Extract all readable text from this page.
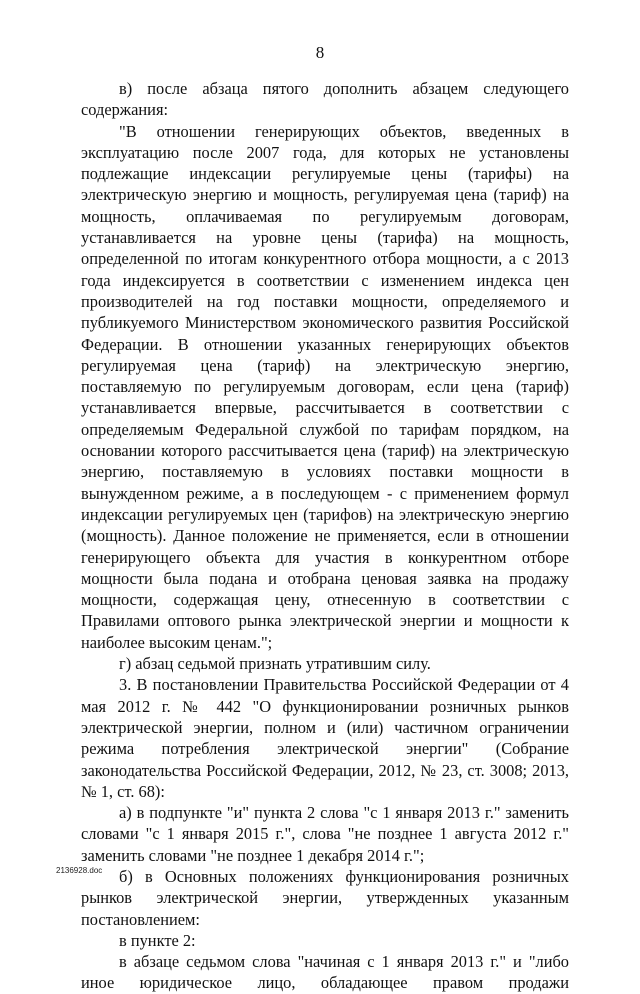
8

в) после абзаца пятого дополнить абзацем следующего содержания:

"В отношении генерирующих объектов, введенных в эксплуатацию после 2007 года, для которых не установлены подлежащие индексации регулируемые цены (тарифы) на электрическую энергию и мощность, регулируемая цена (тариф) на мощность, оплачиваемая по регулируемым договорам, устанавливается на уровне цены (тарифа) на мощность, определенной по итогам конкурентного отбора мощности, а с 2013 года индексируется в соответствии с изменением индекса цен производителей на год поставки мощности, определяемого и публикуемого Министерством экономического развития Российской Федерации. В отношении указанных генерирующих объектов регулируемая цена (тариф) на электрическую энергию, поставляемую по регулируемым договорам, если цена (тариф) устанавливается впервые, рассчитывается в соответствии с определяемым Федеральной службой по тарифам порядком, на основании которого рассчитывается цена (тариф) на электрическую энергию, поставляемую в условиях поставки мощности в вынужденном режиме, а в последующем - с применением формул индексации регулируемых цен (тарифов) на электрическую энергию (мощность). Данное положение не применяется, если в отношении генерирующего объекта для участия в конкурентном отборе мощности была подана и отобрана ценовая заявка на продажу мощности, содержащая цену, отнесенную в соответствии с Правилами оптового рынка электрической энергии и мощности к наиболее высоким ценам.";

г) абзац седьмой признать утратившим силу.

3. В постановлении Правительства Российской Федерации от 4 мая 2012 г. № 442 "О функционировании розничных рынков электрической энергии, полном и (или) частичном ограничении режима потребления электрической энергии" (Собрание законодательства Российской Федерации, 2012, № 23, ст. 3008; 2013, № 1, ст. 68):

а) в подпункте "и" пункта 2 слова "с 1 января 2013 г." заменить словами "с 1 января 2015 г.", слова "не позднее 1 августа 2012 г." заменить словами "не позднее 1 декабря 2014 г.";

б) в Основных положениях функционирования розничных рынков электрической энергии, утвержденных указанным постановлением:

в пункте 2:

в абзаце седьмом слова "начиная с 1 января 2013 г." и "либо иное юридическое лицо, обладающее правом продажи

2136928.doc
